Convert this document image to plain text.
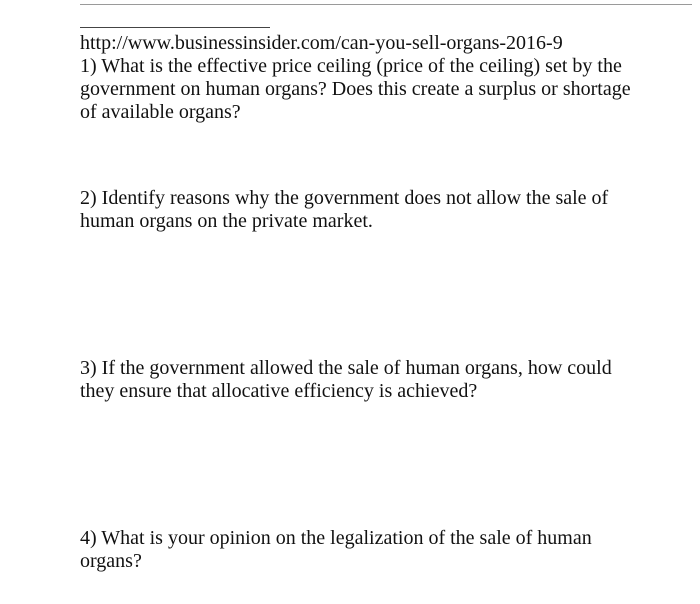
http://www.businessinsider.com/can-you-sell-organs-2016-9

1) What is the effective price ceiling (price of the ceiling) set by the government on human organs? Does this create a surplus or shortage of available organs?

2) Identify reasons why the government does not allow the sale of human organs on the private market.

3) If the government allowed the sale of human organs, how could they ensure that allocative efficiency is achieved?

4) What is your opinion on the legalization of the sale of human organs?
